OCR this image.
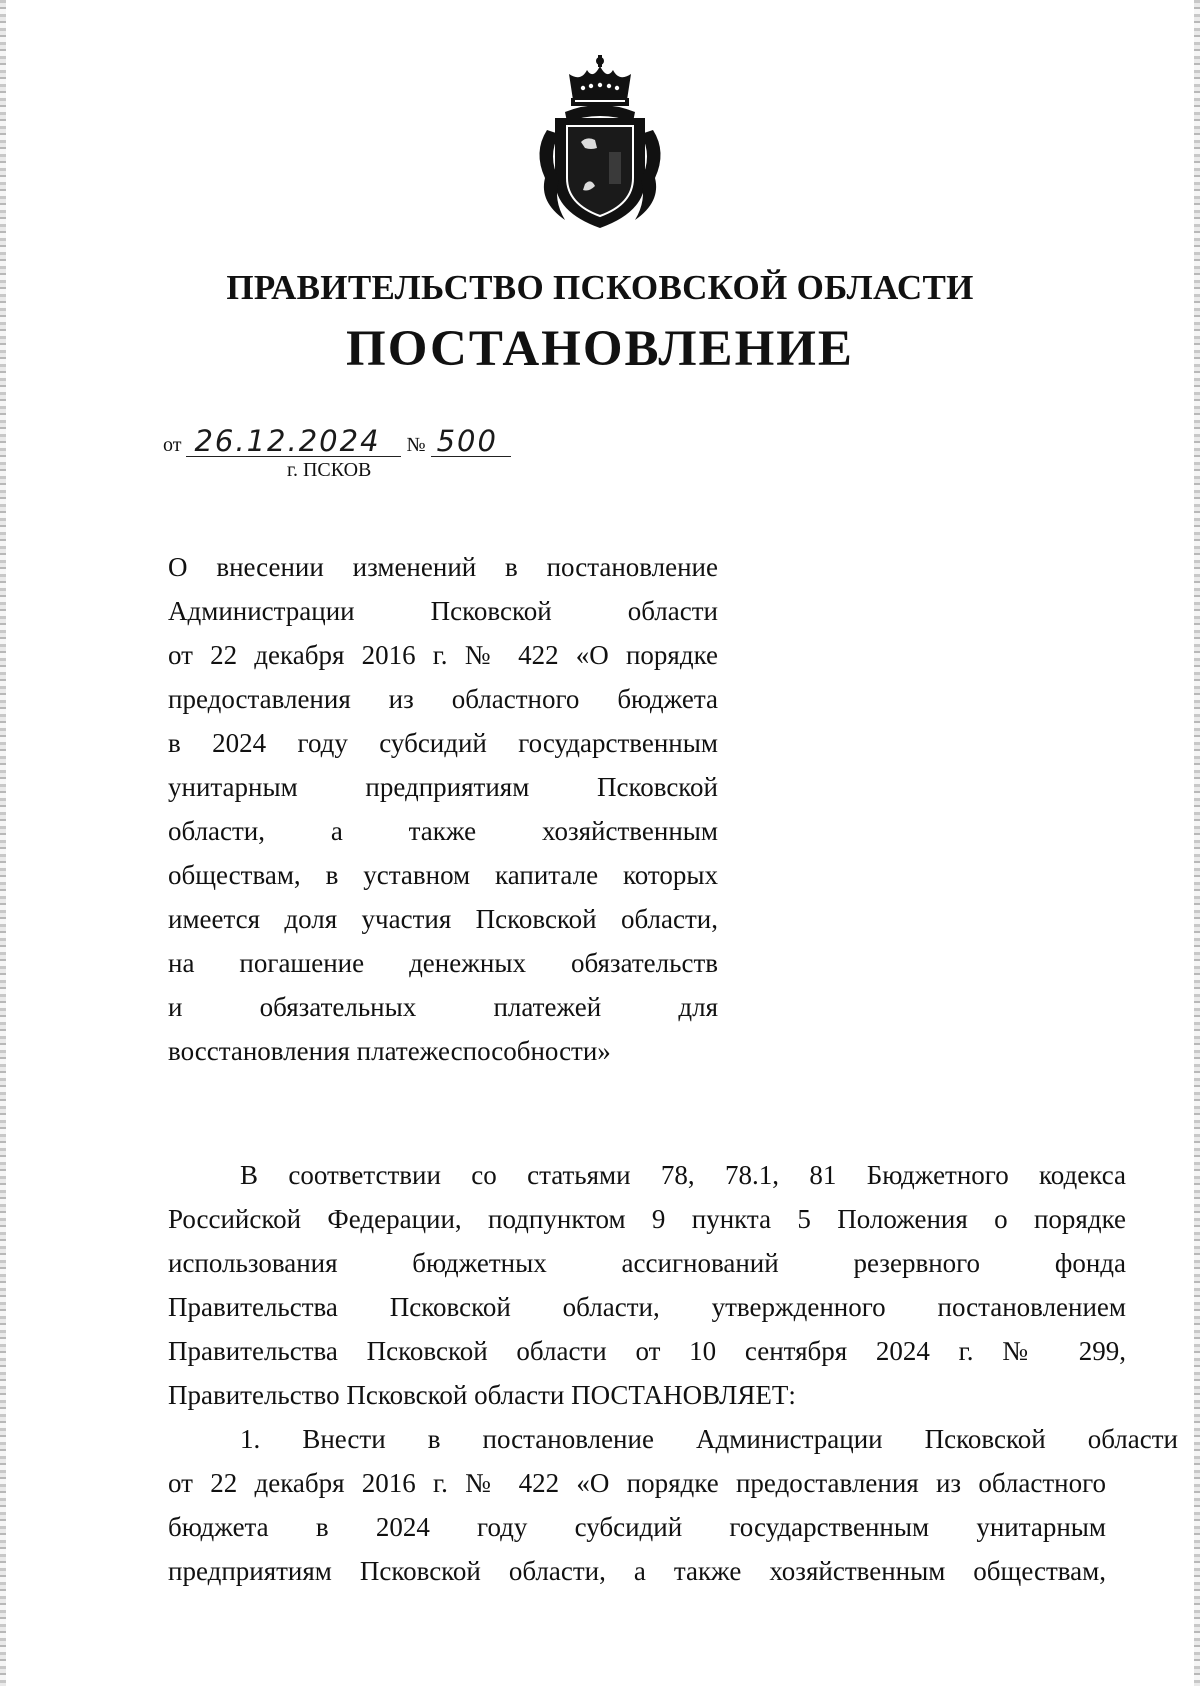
ПРАВИТЕЛЬСТВО ПСКОВСКОЙ ОБЛАСТИ
ПОСТАНОВЛЕНИЕ
от 26.12.2024 № 500
г. ПСКОВ
О внесении изменений в постановление
Администрации Псковской области
от 22 декабря 2016 г. № 422 «О порядке
предоставления из областного бюджета
в 2024 году субсидий государственным
унитарным предприятиям Псковской
области, а также хозяйственным
обществам, в уставном капитале которых
имеется доля участия Псковской области,
на погашение денежных обязательств
и обязательных платежей для
восстановления платежеспособности»
В соответствии со статьями 78, 78.1, 81 Бюджетного кодекса
Российской Федерации, подпунктом 9 пункта 5 Положения о порядке
использования бюджетных ассигнований резервного фонда
Правительства Псковской области, утвержденного постановлением
Правительства Псковской области от 10 сентября 2024 г. № 299,
Правительство Псковской области ПОСТАНОВЛЯЕТ:
1. Внести в постановление Администрации Псковской области
от 22 декабря 2016 г. № 422 «О порядке предоставления из областного
бюджета в 2024 году субсидий государственным унитарным
предприятиям Псковской области, а также хозяйственным обществам,
